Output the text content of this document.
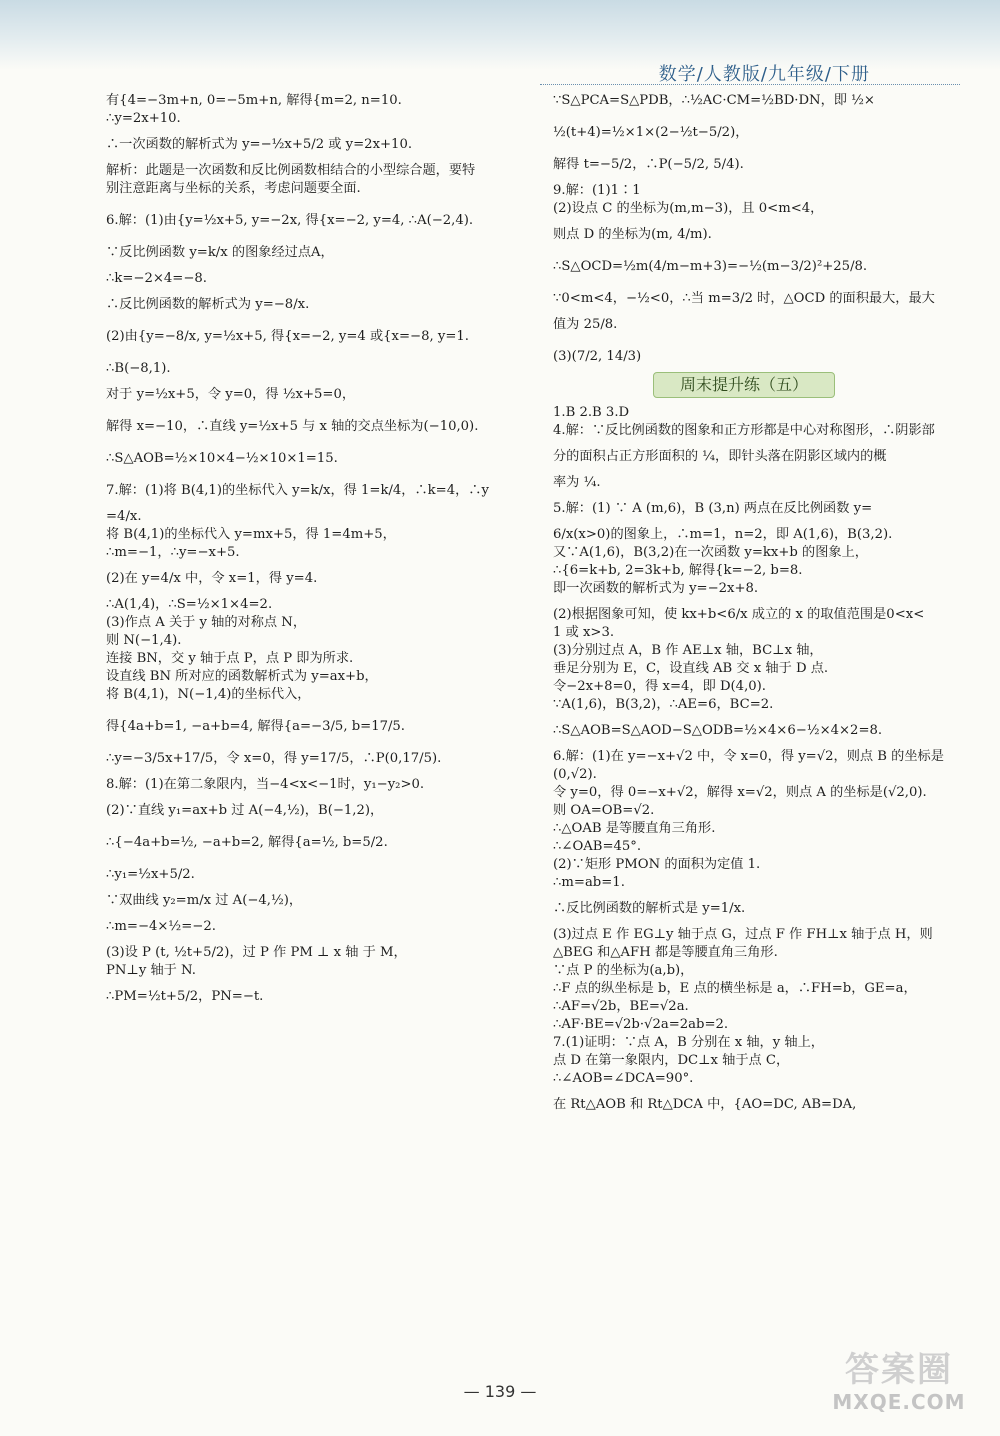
数学/人教版/九年级/下册

有{4=−3m+n, 0=−5m+n, 解得{m=2, n=10.

∴y=2x+10.

∴一次函数的解析式为 y=−½x+5/2 或 y=2x+10.

解析：此题是一次函数和反比例函数相结合的小型综合题，要特

别注意距离与坐标的关系，考虑问题要全面.

6.解：(1)由{y=½x+5, y=−2x, 得{x=−2, y=4, ∴A(−2,4).

∵反比例函数 y=k/x 的图象经过点A，

∴k=−2×4=−8.

∴反比例函数的解析式为 y=−8/x.

(2)由{y=−8/x, y=½x+5, 得{x=−2, y=4 或{x=−8, y=1.

∴B(−8,1).

对于 y=½x+5，令 y=0，得 ½x+5=0，

解得 x=−10，∴直线 y=½x+5 与 x 轴的交点坐标为(−10,0).

∴S△AOB=½×10×4−½×10×1=15.

7.解：(1)将 B(4,1)的坐标代入 y=k/x，得 1=k/4，∴k=4，∴y

=4/x.

将 B(4,1)的坐标代入 y=mx+5，得 1=4m+5，

∴m=−1，∴y=−x+5.

(2)在 y=4/x 中，令 x=1，得 y=4.

∴A(1,4)，∴S=½×1×4=2.

(3)作点 A 关于 y 轴的对称点 N，

则 N(−1,4).

连接 BN，交 y 轴于点 P，点 P 即为所求.

设直线 BN 所对应的函数解析式为 y=ax+b，

将 B(4,1)，N(−1,4)的坐标代入，

得{4a+b=1, −a+b=4, 解得{a=−3/5, b=17/5.

∴y=−3/5x+17/5，令 x=0，得 y=17/5，∴P(0,17/5).

8.解：(1)在第二象限内，当−4<x<−1时，y₁−y₂>0.

(2)∵直线 y₁=ax+b 过 A(−4,½)，B(−1,2)，

∴{−4a+b=½, −a+b=2, 解得{a=½, b=5/2.

∴y₁=½x+5/2.

∵双曲线 y₂=m/x 过 A(−4,½)，

∴m=−4×½=−2.

(3)设 P (t, ½t+5/2)，过 P 作 PM ⊥ x 轴 于 M，

PN⊥y 轴于 N.

∴PM=½t+5/2，PN=−t.

∵S△PCA=S△PDB，∴½AC·CM=½BD·DN，即 ½×

½(t+4)=½×1×(2−½t−5/2)，

解得 t=−5/2，∴P(−5/2, 5/4).

9.解：(1)1∶1

(2)设点 C 的坐标为(m,m−3)，且 0<m<4，

则点 D 的坐标为(m, 4/m).

∴S△OCD=½m(4/m−m+3)=−½(m−3/2)²+25/8.

∵0<m<4，−½<0，∴当 m=3/2 时，△OCD 的面积最大，最大

值为 25/8.

(3)(7/2, 14/3)

周末提升练（五）

1.B 2.B 3.D

4.解：∵反比例函数的图象和正方形都是中心对称图形，∴阴影部

分的面积占正方形面积的 ¼，即针头落在阴影区域内的概

率为 ¼.

5.解：(1) ∵ A (m,6)，B (3,n) 两点在反比例函数 y=

6/x(x>0)的图象上，∴m=1，n=2，即 A(1,6)，B(3,2).

又∵A(1,6)，B(3,2)在一次函数 y=kx+b 的图象上，

∴{6=k+b, 2=3k+b, 解得{k=−2, b=8.

即一次函数的解析式为 y=−2x+8.

(2)根据图象可知，使 kx+b<6/x 成立的 x 的取值范围是0<x<

1 或 x>3.

(3)分别过点 A，B 作 AE⊥x 轴，BC⊥x 轴，

垂足分别为 E，C，设直线 AB 交 x 轴于 D 点.

令−2x+8=0，得 x=4，即 D(4,0).

∵A(1,6)，B(3,2)，∴AE=6，BC=2.

∴S△AOB=S△AOD−S△ODB=½×4×6−½×4×2=8.

6.解：(1)在 y=−x+√2 中，令 x=0，得 y=√2，则点 B 的坐标是

(0,√2).

令 y=0，得 0=−x+√2，解得 x=√2，则点 A 的坐标是(√2,0).

则 OA=OB=√2.

∴△OAB 是等腰直角三角形.

∴∠OAB=45°.

(2)∵矩形 PMON 的面积为定值 1.

∴m=ab=1.

∴反比例函数的解析式是 y=1/x.

(3)过点 E 作 EG⊥y 轴于点 G，过点 F 作 FH⊥x 轴于点 H，则

△BEG 和△AFH 都是等腰直角三角形.

∵点 P 的坐标为(a,b)，

∴F 点的纵坐标是 b，E 点的横坐标是 a，∴FH=b，GE=a，

∴AF=√2b，BE=√2a.

∴AF·BE=√2b·√2a=2ab=2.

7.(1)证明：∵点 A，B 分别在 x 轴，y 轴上，

点 D 在第一象限内，DC⊥x 轴于点 C，

∴∠AOB=∠DCA=90°.

在 Rt△AOB 和 Rt△DCA 中，{AO=DC, AB=DA,

— 139 —
答案圈
MXQE.COM
